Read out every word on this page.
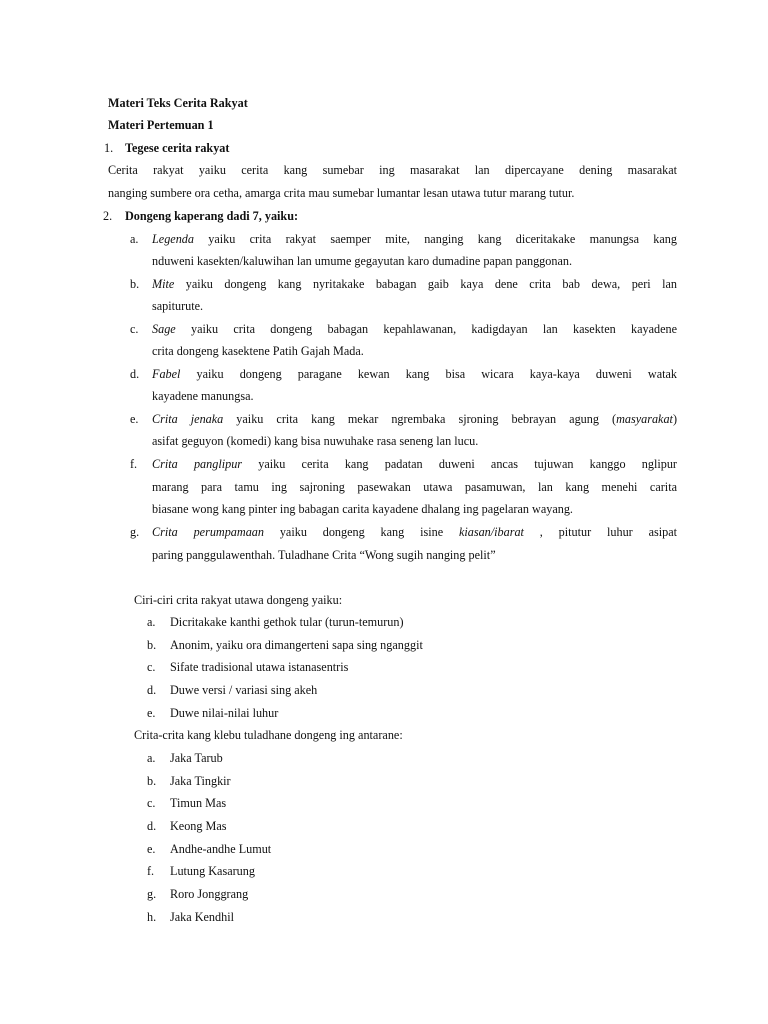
Materi Teks Cerita Rakyat
Materi Pertemuan 1
1. Tegese cerita rakyat
Cerita rakyat yaiku cerita kang sumebar ing masarakat lan dipercayane dening masarakat
nanging sumbere ora cetha, amarga crita mau sumebar lumantar lesan utawa tutur marang tutur.
2. Dongeng kaperang dadi 7, yaiku:
a. Legenda yaiku crita rakyat saemper mite, nanging kang diceritakake manungsa kang
nduweni kasekten/kaluwihan lan umume gegayutan karo dumadine papan panggonan.
b. Mite yaiku dongeng kang nyritakake babagan gaib kaya dene crita bab dewa, peri lan
sapiturute.
c. Sage yaiku crita dongeng babagan kepahlawanan, kadigdayan lan kasekten kayadene
crita dongeng kasektene Patih Gajah Mada.
d. Fabel yaiku dongeng paragane kewan kang bisa wicara kaya-kaya duweni watak
kayadene manungsa.
e. Crita jenaka yaiku crita kang mekar ngrembaka sjroning bebrayan agung (masyarakat)
asifat geguyon (komedi) kang bisa nuwuhake rasa seneng lan lucu.
f. Crita panglipur yaiku cerita kang padatan duweni ancas tujuwan kanggo nglipur
marang para tamu ing sajroning pasewakan utawa pasamuwan, lan kang menehi carita
biasane wong kang pinter ing babagan carita kayadene dhalang ing pagelaran wayang.
g. Crita perumpamaan yaiku dongeng kang isine kiasan/ibarat , pitutur luhur asipat
paring panggulawenthah. Tuladhane Crita “Wong sugih nanging pelit”
Ciri-ciri crita rakyat utawa dongeng yaiku:
a. Dicritakake kanthi gethok tular (turun-temurun)
b. Anonim, yaiku ora dimangerteni sapa sing nganggit
c. Sifate tradisional utawa istanasentris
d. Duwe versi / variasi sing akeh
e. Duwe nilai-nilai luhur
Crita-crita kang klebu tuladhane dongeng ing antarane:
a. Jaka Tarub
b. Jaka Tingkir
c. Timun Mas
d. Keong Mas
e. Andhe-andhe Lumut
f. Lutung Kasarung
g. Roro Jonggrang
h. Jaka Kendhil
